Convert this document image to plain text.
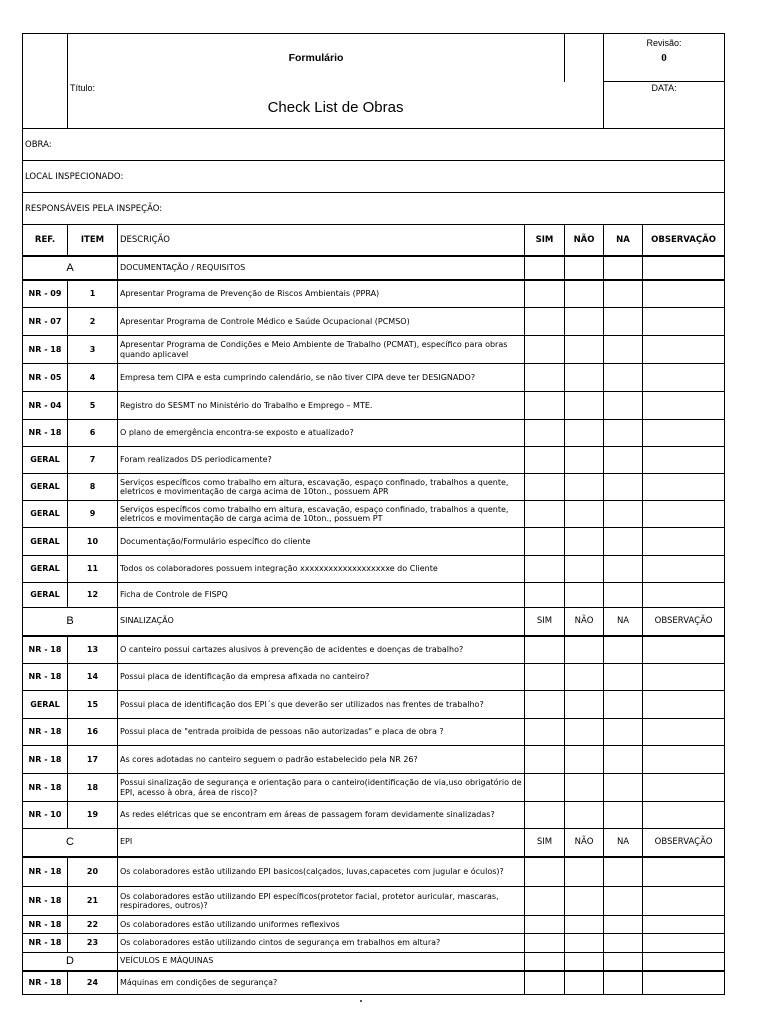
	Formulário				Revisão:
0	

	Título:
Check List de Obras				DATA:	

OBRA:						
LOCAL INSPECIONADO:						
RESPONSÁVEIS PELA INSPEÇÃO:						
REF.	ITEM	DESCRIÇÃO	SIM	NÃO	NA	OBSERVAÇÃO
A		DOCUMENTAÇÃO / REQUISITOS				
NR - 09	1	Apresentar Programa de Prevenção de Riscos Ambientais (PPRA)				
NR - 07	2	Apresentar Programa de Controle Médico e Saúde Ocupacional (PCMSO)				
NR - 18	3	Apresentar Programa de Condições e Meio Ambiente de Trabalho (PCMAT), específico para obras quando aplicavel				
NR - 05	4	Empresa tem CIPA e esta cumprindo calendário, se não tiver CIPA deve ter DESIGNADO?				
NR - 04	5	Registro do SESMT no Ministério do Trabalho e Emprego – MTE.				
NR - 18	6	O plano de emergência encontra-se exposto e atualizado?				
GERAL	7	Foram realizados DS periodicamente?				
GERAL	8	Serviços específicos como trabalho em altura, escavação, espaço confinado, trabalhos a quente, eletricos e movimentação de carga acima de 10ton., possuem APR				
GERAL	9	Serviços específicos como trabalho em altura, escavação, espaço confinado, trabalhos a quente, eletricos e movimentação de carga acima de 10ton., possuem PT				
GERAL	10	Documentação/Formulário específico do cliente				
GERAL	11	Todos os colaboradores possuem integração xxxxxxxxxxxxxxxxxxxe do Cliente				
GERAL	12	Ficha de Controle de FISPQ				
B		SINALIZAÇÃO	SIM	NÃO	NA	OBSERVAÇÃO
NR - 18	13	O canteiro possui cartazes alusivos à prevenção de acidentes e doenças de trabalho?				
NR - 18	14	Possui placa de identificação da empresa afixada no canteiro?				
GERAL	15	Possui placa de identificação dos EPI´s que deverão ser utilizados nas frentes de trabalho?				
NR - 18	16	Possui placa de "entrada proibida de pessoas não autorizadas" e placa de obra ?				
NR - 18	17	As cores adotadas no canteiro seguem o padrão estabelecido pela NR 26?				
NR - 18	18	Possui sinalização de segurança e orientação para o canteiro(identificação de via,uso obrigatório de EPI, acesso à obra, área de risco)?				
NR - 10	19	As redes elétricas que se encontram em áreas de passagem foram devidamente sinalizadas?				
C		EPI	SIM	NÃO	NA	OBSERVAÇÃO
NR - 18	20	Os colaboradores estão utilizando EPI basicos(calçados, luvas,capacetes com jugular e óculos)?				
NR - 18	21	Os colaboradores estão utilizando EPI específicos(protetor facial, protetor auricular, mascaras, respiradores, outros)?				
NR - 18	22	Os colaboradores estão utilizando uniformes reflexivos				
NR - 18	23	Os colaboradores estão utilizando cintos de segurança em trabalhos em altura?				
D		VEÍCULOS E MÁQUINAS				
NR - 18	24	Máquinas em condições de segurança?				
